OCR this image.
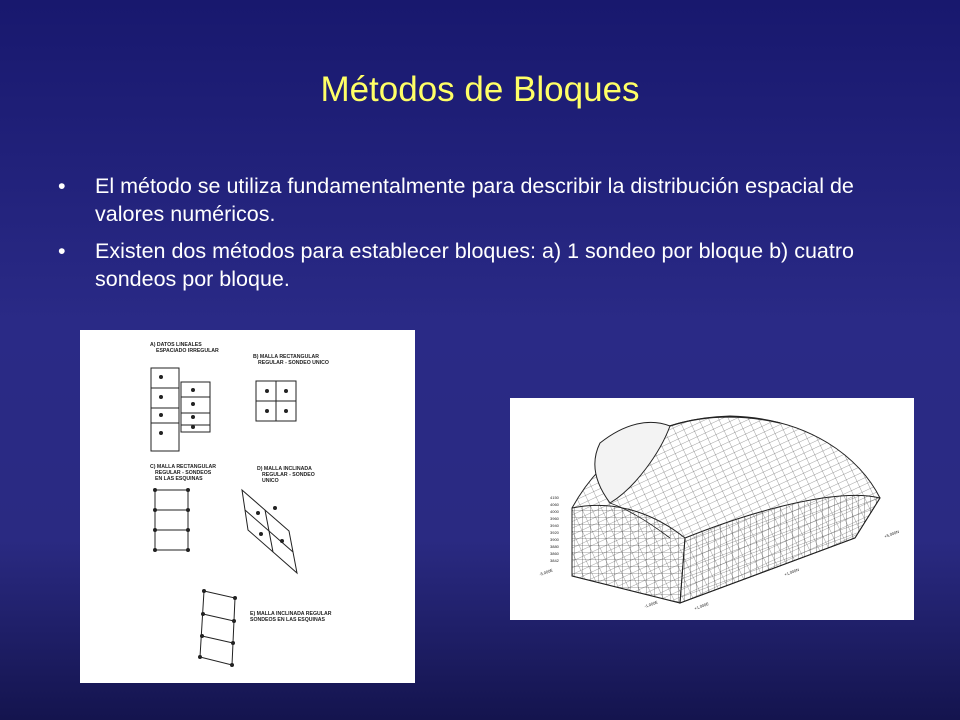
Métodos de Bloques
• El método se utiliza fundamentalmente para describir la distribución espacial de valores numéricos.
• Existen dos métodos para establecer bloques: a) 1 sondeo por bloque b) cuatro sondeos por bloque.
A) DATOS LINEALES
ESPACIADO IRREGULAR
B) MALLA RECTANGULAR
REGULAR - SONDEO UNICO
C) MALLA RECTANGULAR
REGULAR - SONDEOS
EN LAS ESQUINAS
D) MALLA INCLINADA
REGULAR - SONDEO
UNICO
E) MALLA INCLINADA REGULAR
SONDEOS EN LAS ESQUINAS
4150
4060
4000
3960
3940
3920
3900
3880
3860
3842
+5,000N
+1,000N
-1,000E	+1,000E
-5,000E
